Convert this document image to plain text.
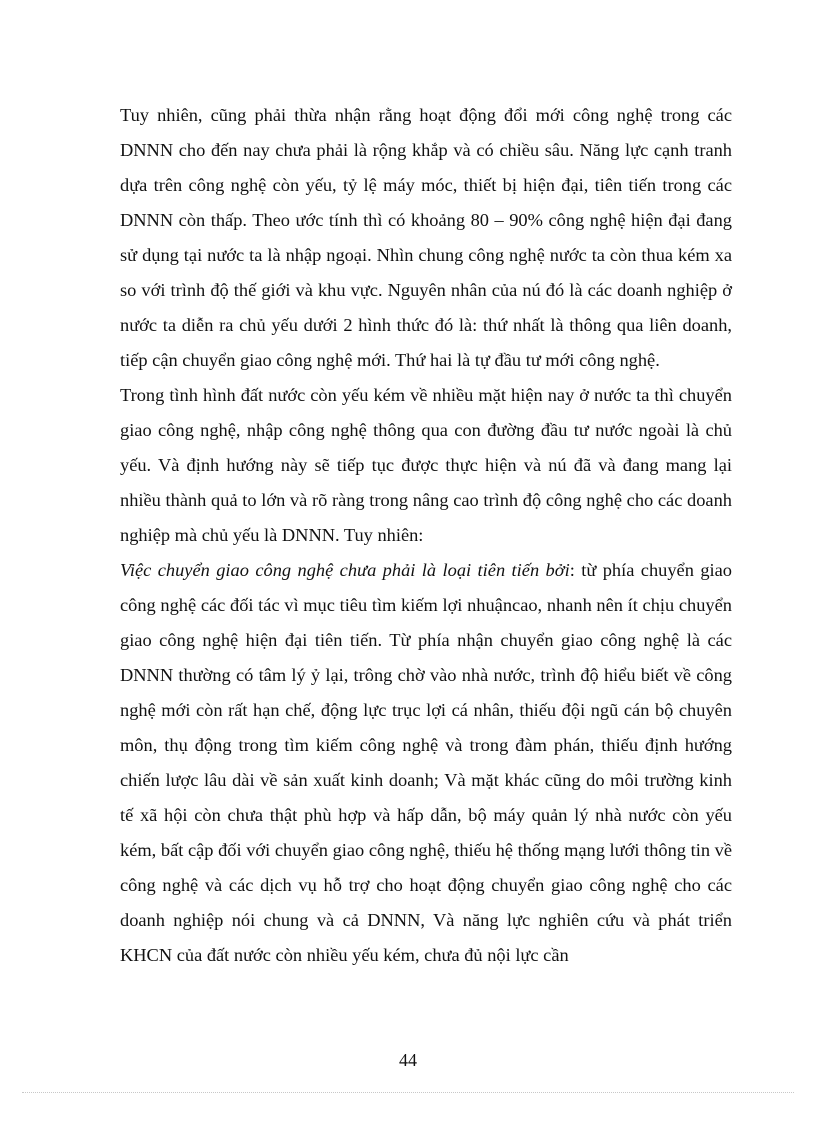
Tuy nhiên, cũng phải thừa nhận rằng hoạt động đổi mới công nghệ trong các DNNN cho đến nay chưa phải là rộng khắp và có chiều sâu. Năng lực cạnh tranh dựa trên công nghệ còn yếu, tỷ lệ máy móc, thiết bị hiện đại, tiên tiến trong các DNNN còn thấp. Theo ước tính thì có khoảng 80 – 90% công nghệ hiện đại đang sử dụng tại nước ta là nhập ngoại. Nhìn chung công nghệ nước ta còn thua kém xa so với trình độ thế giới và khu vực. Nguyên nhân của nú đó là các doanh nghiệp ở nước ta diễn ra chủ yếu dưới 2 hình thức đó là: thứ nhất là thông qua liên doanh, tiếp cận chuyển giao công nghệ mới. Thứ hai là tự đầu tư mới công nghệ.

Trong tình hình đất nước còn yếu kém về nhiều mặt hiện nay ở nước ta thì chuyển giao công nghệ, nhập công nghệ thông qua con đường đầu tư nước ngoài là chủ yếu. Và định hướng này sẽ tiếp tục được thực hiện và nú đã và đang mang lại nhiều thành quả to lớn và rõ ràng trong nâng cao trình độ công nghệ cho các doanh nghiệp mà chủ yếu là DNNN. Tuy nhiên:

Việc chuyển giao công nghệ chưa phải là loại tiên tiến bởi: từ phía chuyển giao công nghệ các đối tác vì mục tiêu tìm kiếm lợi nhuậncao, nhanh nên ít chịu chuyển giao công nghệ hiện đại tiên tiến. Từ phía nhận chuyển giao công nghệ là các DNNN thường có tâm lý ỷ lại, trông chờ vào nhà nước, trình độ hiểu biết về công nghệ mới còn rất hạn chế, động lực trục lợi cá nhân, thiếu đội ngũ cán bộ chuyên môn, thụ động trong tìm kiếm công nghệ và trong đàm phán, thiếu định hướng chiến lược lâu dài về sản xuất kinh doanh; Và mặt khác cũng do môi trường kinh tế xã hội còn chưa thật phù hợp và hấp dẫn, bộ máy quản lý nhà nước còn yếu kém, bất cập đối với chuyển giao công nghệ, thiếu hệ thống mạng lưới thông tin về công nghệ và các dịch vụ hỗ trợ cho hoạt động chuyển giao công nghệ cho các doanh nghiệp nói chung và cả DNNN, Và năng lực nghiên cứu và phát triển KHCN của đất nước còn nhiều yếu kém, chưa đủ nội lực cần

44
